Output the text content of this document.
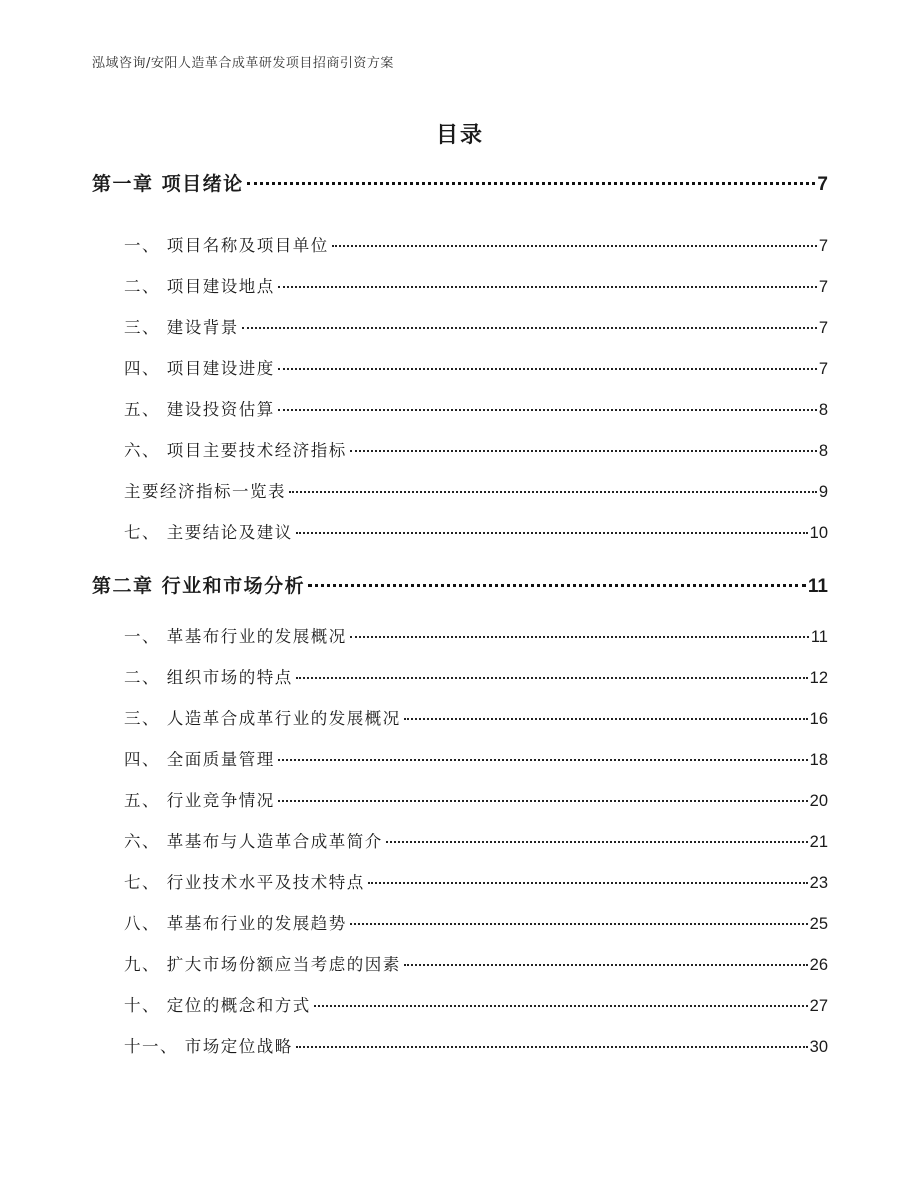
泓域咨询/安阳人造革合成革研发项目招商引资方案
目录
第一章 项目绪论	7
一、 项目名称及项目单位	7
二、 项目建设地点	7
三、 建设背景	7
四、 项目建设进度	7
五、 建设投资估算	8
六、 项目主要技术经济指标	8
主要经济指标一览表	9
七、 主要结论及建议	10
第二章 行业和市场分析	11
一、 革基布行业的发展概况	11
二、 组织市场的特点	12
三、 人造革合成革行业的发展概况	16
四、 全面质量管理	18
五、 行业竞争情况	20
六、 革基布与人造革合成革简介	21
七、 行业技术水平及技术特点	23
八、 革基布行业的发展趋势	25
九、 扩大市场份额应当考虑的因素	26
十、 定位的概念和方式	27
十一、 市场定位战略	30
